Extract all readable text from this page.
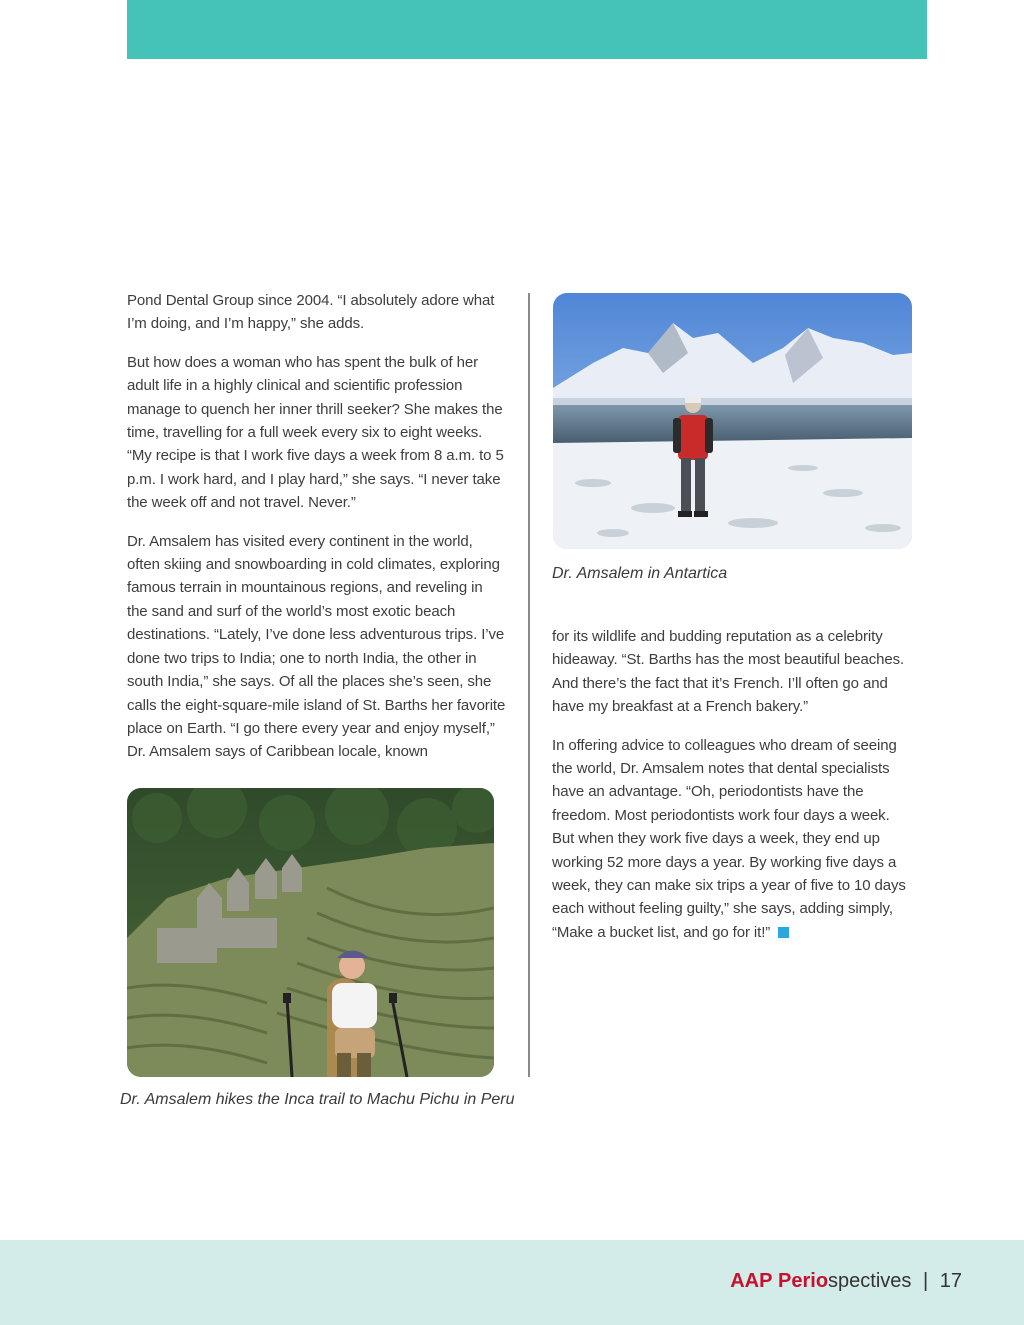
Pond Dental Group since 2004. “I absolutely adore what I’m doing, and I’m happy,” she adds.

But how does a woman who has spent the bulk of her adult life in a highly clinical and scientific profession manage to quench her inner thrill seeker? She makes the time, travelling for a full week every six to eight weeks. “My recipe is that I work five days a week from 8 a.m. to 5 p.m. I work hard, and I play hard,” she says. “I never take the week off and not travel. Never.”

Dr. Amsalem has visited every continent in the world, often skiing and snowboarding in cold climates, exploring famous terrain in mountainous regions, and reveling in the sand and surf of the world’s most exotic beach destinations. “Lately, I’ve done less adventurous trips. I’ve done two trips to India; one to north India, the other in south India,” she says. Of all the places she’s seen, she calls the eight-square-mile island of St. Barths her favorite place on Earth. “I go there every year and enjoy myself,” Dr. Amsalem says of Caribbean locale, known

Dr. Amsalem in Antartica

for its wildlife and budding reputation as a celebrity hideaway. “St. Barths has the most beautiful beaches. And there’s the fact that it’s French. I’ll often go and have my breakfast at a French bakery.”

In offering advice to colleagues who dream of seeing the world, Dr. Amsalem notes that dental specialists have an advantage. “Oh, periodontists have the freedom. Most periodontists work four days a week. But when they work five days a week, they end up working 52 more days a year. By working five days a week, they can make six trips a year of five to 10 days each without feeling guilty,” she says, adding simply, “Make a bucket list, and go for it!”

Dr. Amsalem hikes the Inca trail to Machu Pichu in Peru
AAP Periospectives | 17
